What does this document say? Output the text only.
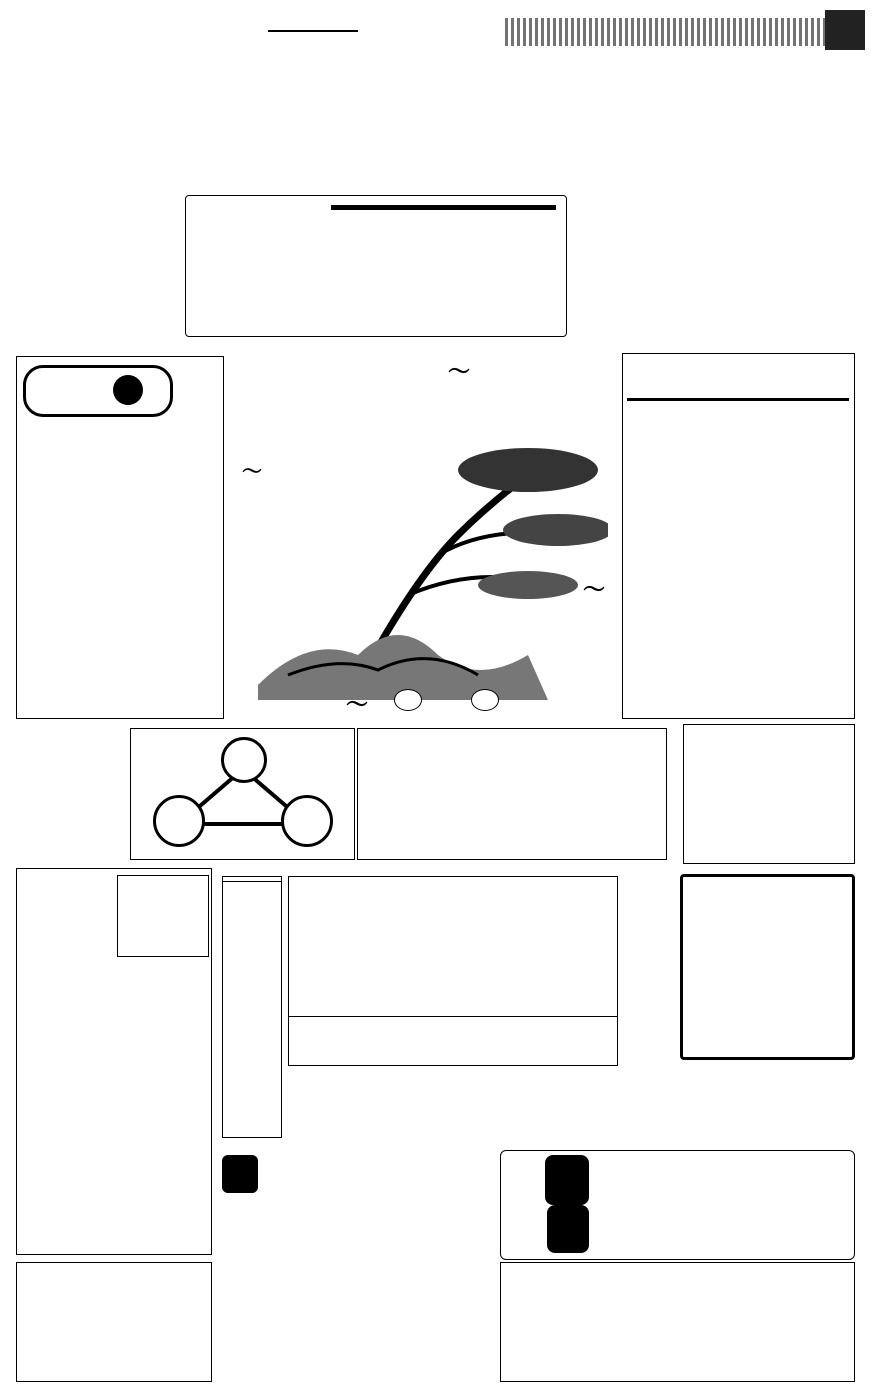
〜
〜
〜
〜
